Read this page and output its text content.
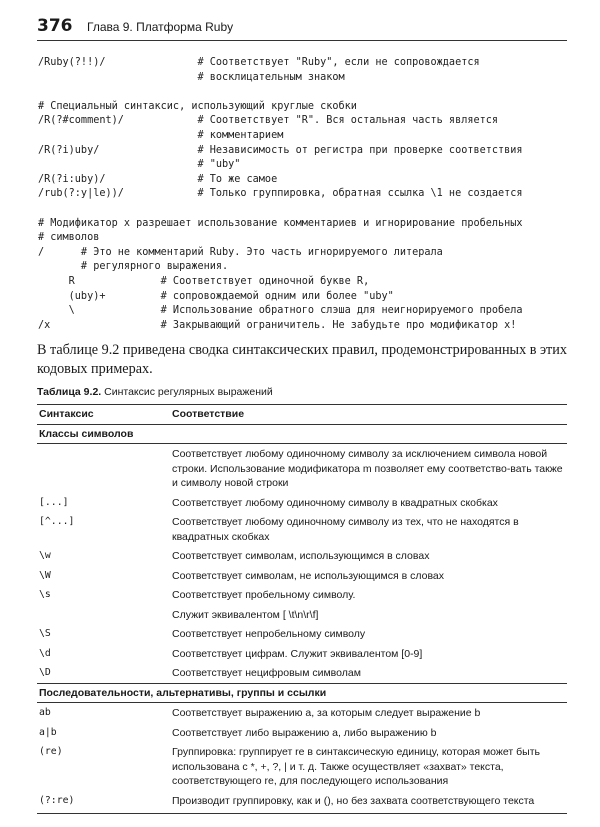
376 Глава 9. Платформа Ruby
/Ruby(?!!)/               # Соответствует "Ruby", если не сопровождается
# восклицательным знаком
# Специальный синтаксис, использующий круглые скобки
/R(?#comment)/            # Соответствует "R". Вся остальная часть является
# комментарием
/R(?i)uby/                # Независимость от регистра при проверке соответствия
# "uby"
/R(?i:uby)/               # То же самое
/rub(?:y|le))/            # Только группировка, обратная ссылка \1 не создается
# Модификатор x разрешает использование комментариев и игнорирование пробельных
# символов
/      # Это не комментарий Ruby. Это часть игнорируемого литерала
# регулярного выражения.
R              # Соответствует одиночной букве R,
(uby)+         # сопровождаемой одним или более "uby"
\              # Использование обратного слэша для неигнорируемого пробела
/x                  # Закрывающий ограничитель. Не забудьте про модификатор x!
В таблице 9.2 приведена сводка синтаксических правил, продемонстрированных в этих кодовых примерах.
Таблица 9.2. Синтаксис регулярных выражений
Синтаксис	Соответствие
Классы символов	
	Соответствует любому одиночному символу за исключением символа новой строки. Использование модификатора m позволяет ему соответство-вать также и символу новой строки
[...]	Соответствует любому одиночному символу в квадратных скобках
[^...]	Соответствует любому одиночному символу из тех, что не находятся в квадратных скобках
\w	Соответствует символам, использующимся в словах
\W	Соответствует символам, не использующимся в словах
\s	Соответствует пробельному символу.
	Служит эквивалентом [ \t\n\r\f]
\S	Соответствует непробельному символу
\d	Соответствует цифрам. Служит эквивалентом [0-9]
\D	Соответствует нецифровым символам
Последовательности, альтернативы, группы и ссылки	
ab	Соответствует выражению a, за которым следует выражение b
a|b	Соответствует либо выражению a, либо выражению b
(re)	Группировка: группирует re в синтаксическую единицу, которая может быть использована с *, +, ?, | и т. д. Также осуществляет «захват» текста, соответствующего re, для последующего использования
(?:re)	Производит группировку, как и (), но без захвата соответствующего текста
